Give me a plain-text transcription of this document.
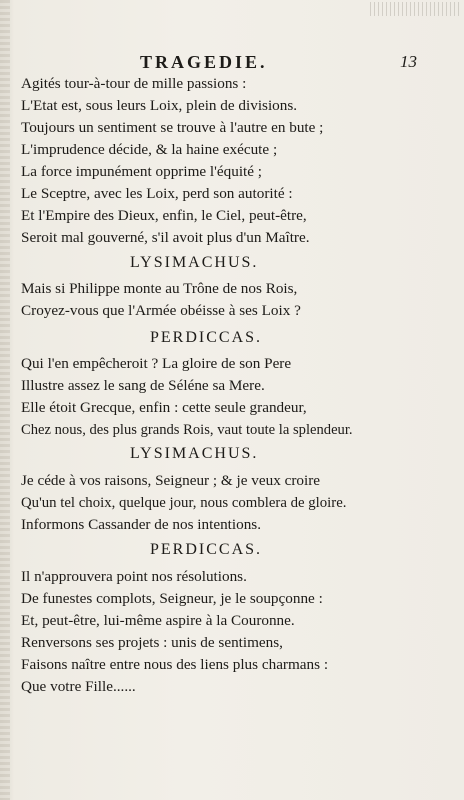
TRAGEDIE.	13
Agités tour-à-tour de mille passions :
L'Etat est, sous leurs Loix, plein de divisions.
Toujours un sentiment se trouve à l'autre en bute ;
L'imprudence décide, & la haine exécute ;
La force impunément opprime l'équité ;
Le Sceptre, avec les Loix, perd son autorité :
Et l'Empire des Dieux, enfin, le Ciel, peut-être,
Seroit mal gouverné, s'il avoit plus d'un Maître.
LYSIMACHUS.
Mais si Philippe monte au Trône de nos Rois,
Croyez-vous que l'Armée obéisse à ses Loix ?
PERDICCAS.
Qui l'en empêcheroit ? La gloire de son Pere
Illustre assez le sang de Séléne sa Mere.
Elle étoit Grecque, enfin : cette seule grandeur,
Chez nous, des plus grands Rois, vaut toute la splendeur.
LYSIMACHUS.
Je céde à vos raisons, Seigneur ; & je veux croire
Qu'un tel choix, quelque jour, nous comblera de gloire.
Informons Cassander de nos intentions.
PERDICCAS.
Il n'approuvera point nos résolutions.
De funestes complots, Seigneur, je le soupçonne :
Et, peut-être, lui-même aspire à la Couronne.
Renversons ses projets : unis de sentimens,
Faisons naître entre nous des liens plus charmans :
Que votre Fille......
